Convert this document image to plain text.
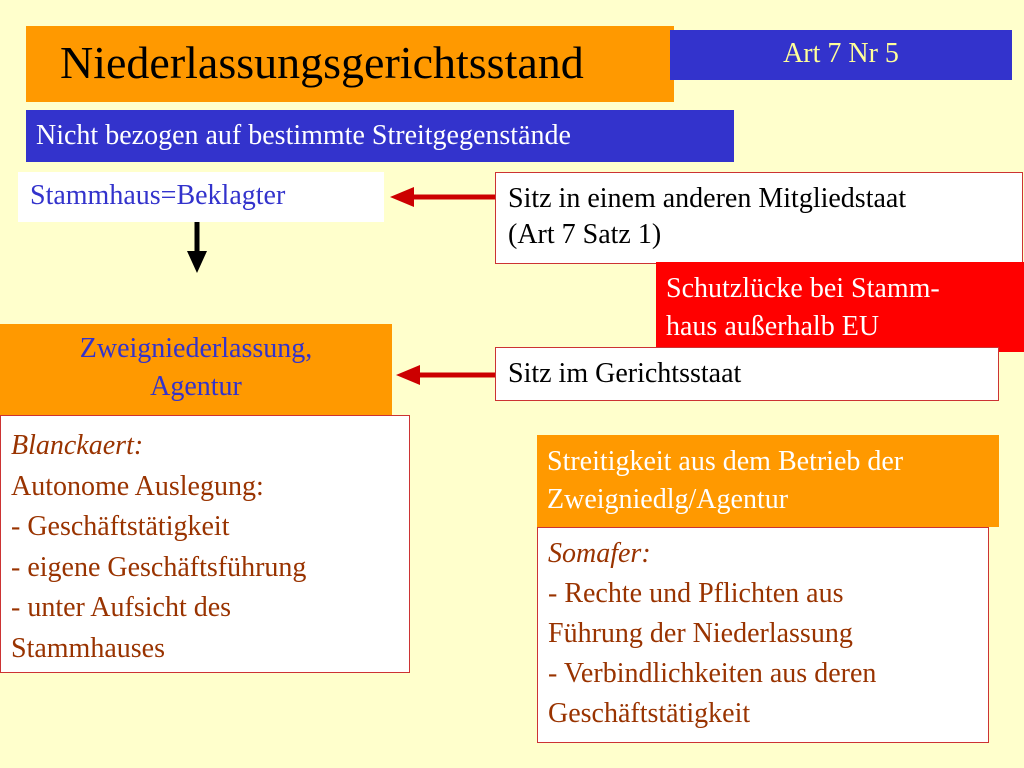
Niederlassungsgerichtsstand	Art 7 Nr 5
Nicht bezogen auf bestimmte Streitgegenstände
Stammhaus=Beklagter	Sitz in einem anderen Mitgliedstaat
(Art 7 Satz 1)
Schutzlücke bei Stamm-
haus außerhalb EU
Zweigniederlassung,
Agentur	Sitz im Gerichtsstaat
Blanckaert:
Autonome Auslegung:
- Geschäftstätigkeit
- eigene Geschäftsführung
- unter Aufsicht des
Stammhauses
Streitigkeit aus dem Betrieb der
Zweigniedlg/Agentur
Somafer:
- Rechte und Pflichten aus
Führung der Niederlassung
- Verbindlichkeiten aus deren
Geschäftstätigkeit
